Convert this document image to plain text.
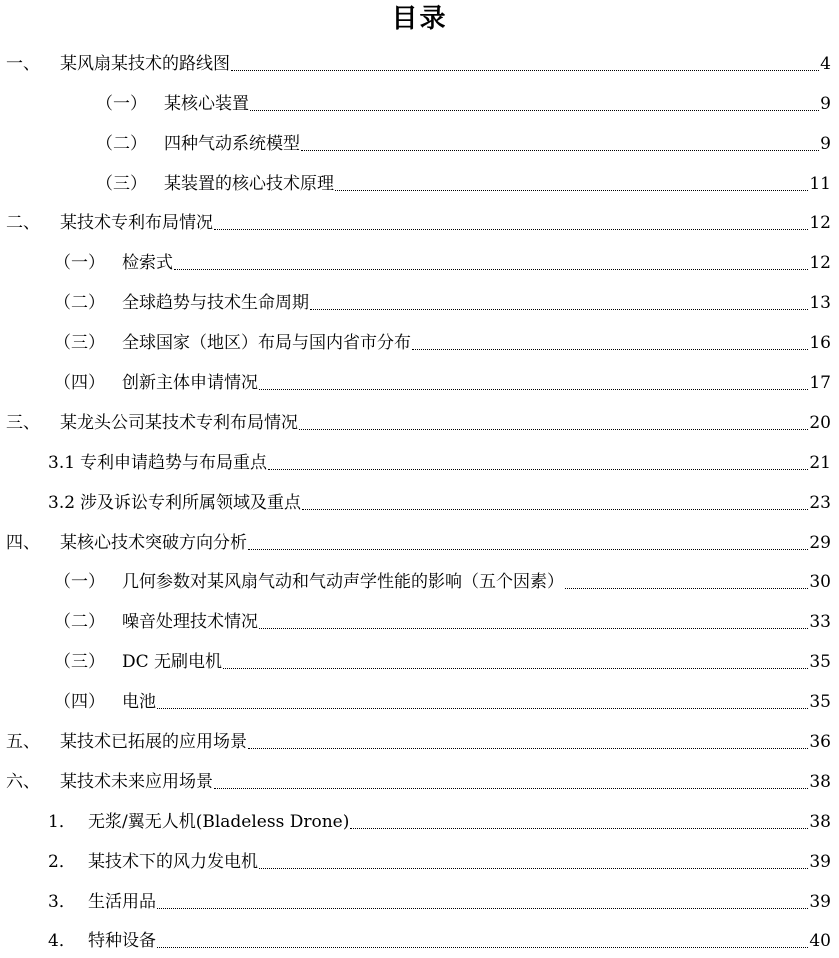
目录
一、 某风扇某技术的路线图	4
（一） 某核心装置	9
（二） 四种气动系统模型	9
（三） 某装置的核心技术原理	11
二、 某技术专利布局情况	12
（一） 检索式	12
（二） 全球趋势与技术生命周期	13
（三） 全球国家（地区）布局与国内省市分布	16
（四） 创新主体申请情况	17
三、 某龙头公司某技术专利布局情况	20
3.1 专利申请趋势与布局重点	21
3.2 涉及诉讼专利所属领域及重点	23
四、 某核心技术突破方向分析	29
（一） 几何参数对某风扇气动和气动声学性能的影响（五个因素）	30
（二） 噪音处理技术情况	33
（三） DC 无刷电机	35
（四） 电池	35
五、 某技术已拓展的应用场景	36
六、 某技术未来应用场景	38
1． 无浆/翼无人机(Bladeless Drone)	38
2． 某技术下的风力发电机	39
3． 生活用品	39
4． 特种设备	40
